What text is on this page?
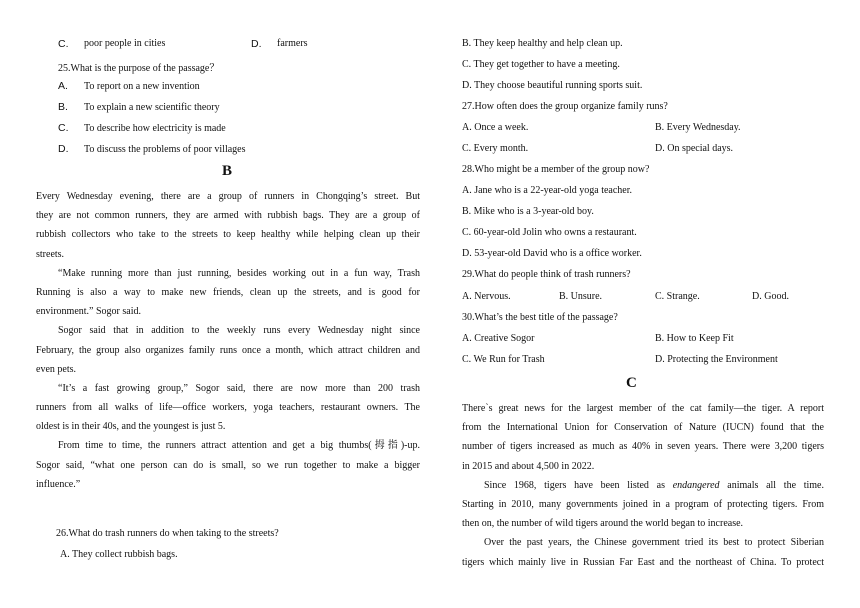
C. poor people in cities	D. farmers
25.What is the purpose of the passage？
A. To report on a new invention
B. To explain a new scientific theory
C. To describe how electricity is made
D. To discuss the problems of poor villages
B
Every Wednesday evening, there are a group of runners in Chongqing’s street. But
they are not common runners, they are armed with rubbish bags. They are a group of
rubbish collectors who take to the streets to keep healthy while helping clean up their
streets.
“Make running more than just running, besides working out in a fun way, Trash
Running is also a way to make new friends, clean up the streets, and is good for
environment.” Sogor said.
Sogor said that in addition to the weekly runs every Wednesday night since
February, the group also organizes family runs once a month, which attract children and
even pets.
“It’s a fast growing group,” Sogor said, there are now more than 200 trash
runners from all walks of life—office workers, yoga teachers, restaurant owners. The
oldest is in their 40s, and the youngest is just 5.
From time to time, the runners attract attention and get a big thumbs(拇指)-up.
Sogor said, “what one person can do is small, so we run together to make a bigger
influence.”
26.What do trash runners do when taking to the streets?
A. They collect rubbish bags.
B. They keep healthy and help clean up.
C. They get together to have a meeting.
D. They choose beautiful running sports suit.
27.How often does the group organize family runs?
A. Once a week.	B. Every Wednesday.
C. Every month.	D. On special days.
28.Who might be a member of the group now?
A. Jane who is a 22-year-old yoga teacher.
B. Mike who is a 3-year-old boy.
C. 60-year-old Jolin who owns a restaurant.
D. 53-year-old David who is a office worker.
29.What do people think of trash runners?
A. Nervous.	B. Unsure.	C. Strange.	D. Good.
30.What’s the best title of the passage?
A. Creative Sogor	B. How to Keep Fit
C. We Run for Trash	D. Protecting the Environment
C
There`s great news for the largest member of the cat family—the tiger. A report
from the International Union for Conservation of Nature (IUCN) found that the
number of tigers increased as much as 40% in seven years. There were 3,200 tigers
in 2015 and about 4,500 in 2022.
Since 1968, tigers have been listed as endangered animals all the time.
Starting in 2010, many governments joined in a program of protecting tigers. From
then on, the number of wild tigers around the world began to increase.
Over the past years, the Chinese government tried its best to protect Siberian
tigers which mainly live in Russian Far East and the northeast of China. To protect
